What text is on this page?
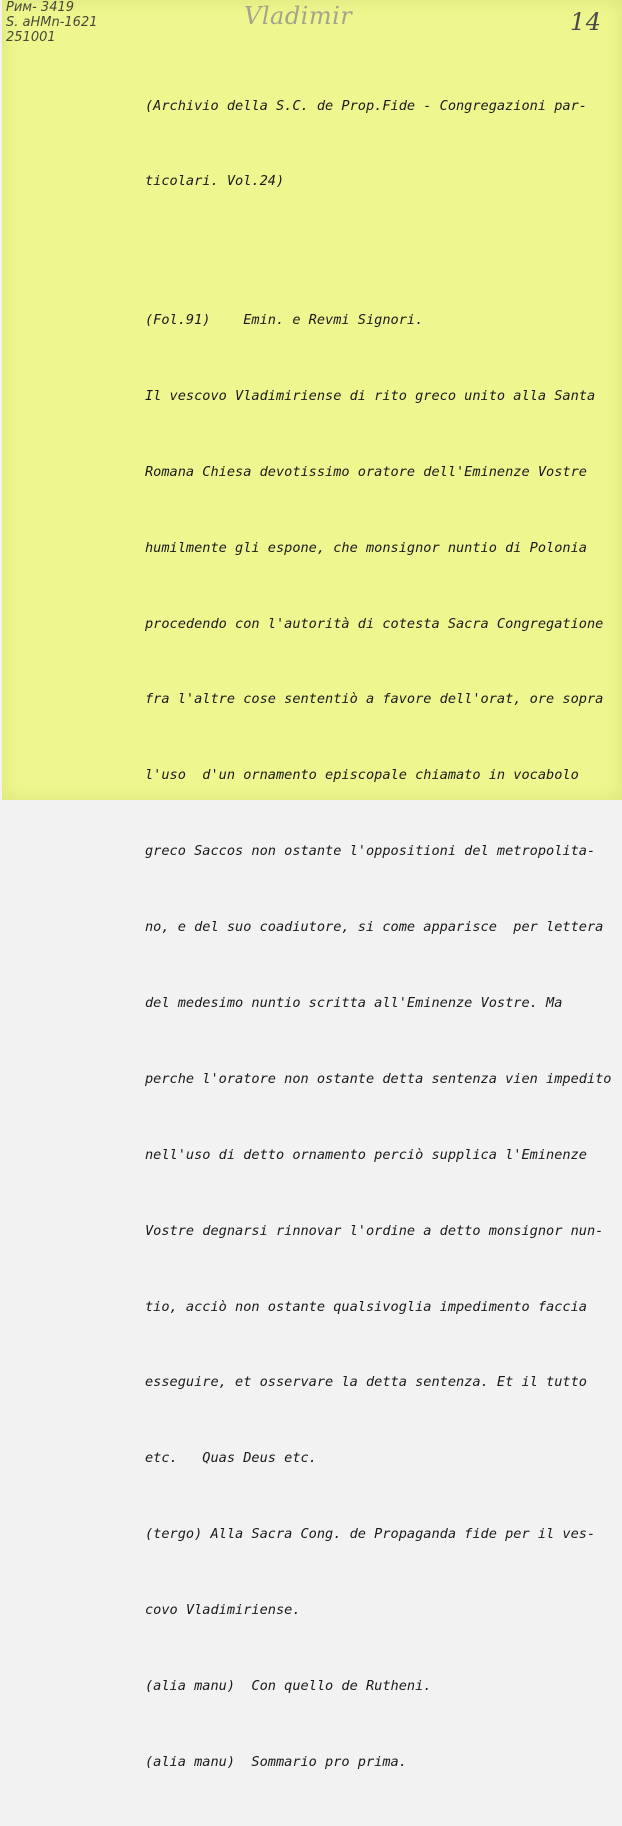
Рим- 3419
S. aHMn-1621
251001
Vladimir	14

(Archivio della S.C. de Prop.Fide - Congregazioni par-

ticolari. Vol.24)

(Fol.91)    Emin. e Revmi Signori.

Il vescovo Vladimiriense di rito greco unito alla Santa

Romana Chiesa devotissimo oratore dell'Eminenze Vostre

humilmente gli espone, che monsignor nuntio di Polonia

procedendo con l'autorità di cotesta Sacra Congregatione

fra l'altre cose sententiò a favore dell'orat, ore sopra

l'uso  d'un ornamento episcopale chiamato in vocabolo

greco Saccos non ostante l'oppositioni del metropolita-

no, e del suo coadiutore, si come apparisce  per lettera

del medesimo nuntio scritta all'Eminenze Vostre. Ma

perche l'oratore non ostante detta sentenza vien impedito

nell'uso di detto ornamento perciò supplica l'Eminenze

Vostre degnarsi rinnovar l'ordine a detto monsignor nun-

tio, acciò non ostante qualsivoglia impedimento faccia

esseguire, et osservare la detta sentenza. Et il tutto

etc.   Quas Deus etc.

(tergo) Alla Sacra Cong. de Propaganda fide per il ves-

covo Vladimiriense.

(alia manu)  Con quello de Rutheni.

(alia manu)  Sommario pro prima.
